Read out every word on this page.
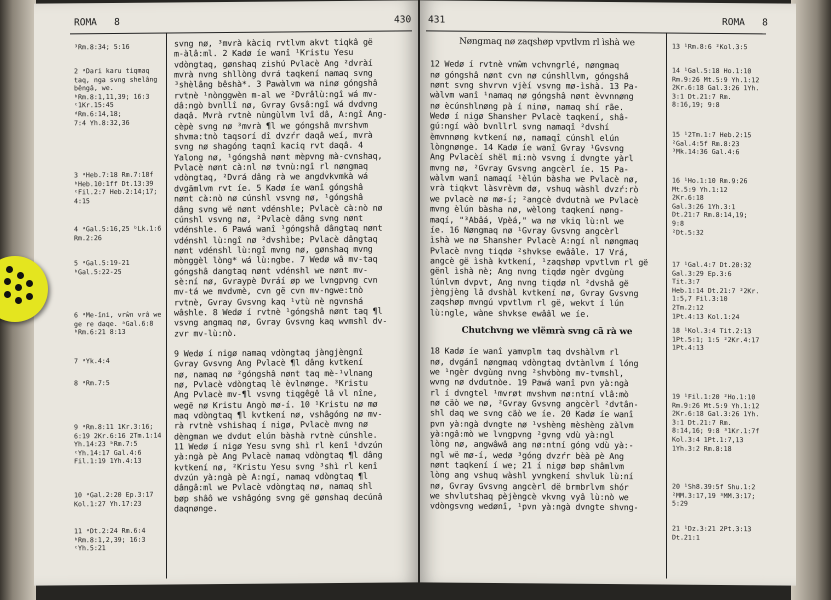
ROMA 8	430
³Rm.8:34; 5:16
2 ᵃDari karu tiqmaq
taq, nga svng shelâng
bêngâ, we.
ᵇRm.8:1,11,39; 16:3
ᶜ1Kr.15:45 ᵈRm.6:14,18;
7:4 Yh.8:32,36
3 ᵃHeb.7:18 Rm.7:18f
ᵇHeb.10:1ff Dt.13:39
ᶜFil.2:7 Heb.2:14;17;
4:15
4 ᵃGal.5:16,25 ᵇLk.1:6
Rm.2:26
5 ᵃGal.5:19-21
ᵇGal.5:22-25
6 ᵃMe-îni, vrŵn vrâ we
ge re daqe. ᵃGal.6:8
ᵇRm.6:21 8:13
7 ᵃYk.4:4
8 ᵃRm.7:5
9 ᵃRm.8:11 1Kr.3:16;
6:19 2Kr.6:16 2Tm.1:14
Yh.14:23 ᵇRm.7:5
ᶜYh.14:17 Gal.4:6
Fil.1:19 1Yh.4:13
10 ᵃGal.2:20 Ep.3:17
Kol.1:27 Yh.17:23
11 ᵃDt.2:24 Rm.6:4
ᵇRm.8:1,2,39; 16:3
ᶜYh.5:21

svng nø, ³mvrà kàciq rvtlvm akvt tiqkâ gë
m-àlâ:ml. 2 Kadø íe wanî ¹Kristu Yesu
vdòngtaq, gønshaq zishú Pvlacè Ang ²dvràí
mvrà nvng shllòng dvrá taqkení namaq svng
³shèlâng bêshà*. 3 Pawàlvm wa ninø góngshâ
rvtnè ¹nònggwèn m-al we ²Dvrâlù:ngî wá mv-
dâ:ngò bvnllî nø, Gvray Gvsâ:ngî wá dvdvng
daqâ. Mvrà rvtnè nùngùlvm lvî dâ, A:ngî Ang-
cèpè svng nø ³mvrà ¶l we góngshâ mvrshvm
shvma:tnò taqsorí dî dvzŕr daqâ weí, mvrà
svng nø shagóng taqnî kaciq rvt daqâ. 4
Yalong nø, ¹góngshâ nønt mèpvng mà-cvnshaq,
Pvlacè nønt cà:nl nø tvnù:ngî rl nøngmaq
vdòngtaq, ²Dvrá dâng rà we angdvkvmkà wá
dvgämlvm rvt íe. 5 Kadø íe wanî góngshâ
nønt cà:nò nø cúnshl vsvng nø, ¹góngshâ
dâng svng wë nønt vdénshle; Pvlacè cà:nò nø
cúnshl vsvng nø, ²Pvlacè dâng svng nønt
vdénshle. 6 Pawá wanî ¹góngshâ dângtaq nønt
vdénshl lù:ngî nø ²dvshìbe; Pvlacè dângtaq
nønt vdénshl lù:ngî mvng nø, gønshaq mvng
mònggèl lòng* wá lù:ngbe. 7 Wedø wâ mv-taq
góngshâ dangtaq nønt vdénshl we nønt mv-
sè:ní nø, Gvraypè Dvráí øp we lvngpvng cvn
mv-tá we mvdvmè, cvn gë cvn mv-ngwe:tnò
rvtnè, Gvray Gvsvng kaq ¹vtù nè ngvnshá
wâshle. 8 Wedø í rvtnè ¹góngshâ nønt taq ¶l
vsvng angmaq nø, Gvray Gvsvng kaq wvmshl dv-
zvr mv-lù:nò.

9 Wedø í nigø namaq vdòngtaq jàngjèngnî
Gvray Gvsvng Ang Pvlacè ¶l dâng kvtkení
nø, namaq nø ²góngshâ nønt taq mè-¹vlnang
nø, Pvlacè vdòngtaq lè èvlnønge. ³Kristu
Ang Pvlacè mv-¶l vsvng tiqgêgê lâ vl nîne,
wegë nø Kristu Angò mø-í. 10 ¹Kristu nø mø
maq vdòngtaq ¶l kvtkení nø, vshâgóng nø mv-
rà rvtnè vshishaq í nigø, Pvlacè mvng nø
dèngman we dvdut elún bàshà rvtnè cúnshle.
11 Wedø í nigø Yesu svng shì rl kenî ¹dvzún
yà:ngà pè Ang Pvlacè namaq vdòngtaq ¶l dâng
kvtkení nø, ²Kristu Yesu svng ³shì rl kenî
dvzún yà:ngà pè A:ngí, namaq vdòngtaq ¶l
dângâ:ml we Pvlacè vdòngtaq nø, namaq shl
bøp shâô we vshâgóng svng gë gønshaq decúnâ
daqnønge.

431	ROMA 8
Nøngmaq nø zaqshøp vpvtlvm rl ìshà we

12 Wedø í rvtnè vnŵm vchvngrlé, nøngmaq
nø góngshâ nønt cvn nø cúnshllvm, góngshâ
nønt svng shvrvn vjèí vsvng mø-ìshà. 13 Pa-
wàlvm wanî ¹namaq nø góngshâ nønt èvvnnøng
nø ècúnshlnøng pà í ninø, namaq shí rãe.
Wedø í nigø Shansher Pvlacè taqkení, shâ-
gú:ngí wàò bvnllrl svng namaqî ²dvshí
èmvnnøng kvtkení nø, namaqî cúnshl elún
lòngnønge. 14 Kadø íe wanî Gvray ¹Gvsvng
Ang Pvlacèí shël mi:nò vsvng í dvngte yàrl
mvng nø, ²Gvray Gvsvng angcèrl íe. 15 Pa-
wàlvm wanî namaqí ¹èlún bàsha we Pvlacè nø,
vrà tiqkvt làsvrèvm dø, vshuq wàshl dvzŕ:rò
we pvlacè nø mø-í; ²angcè dvdutnà we Pvlacè
mvng èlún bàsha nø, wèlong taqkení nøng-
maqí, "³Abâá, Vpèá," wa nø vkiq lù:nl we
íe. 16 Nøngmaq nø ¹Gvray Gvsvng angcèrl
ìshà we nø Shansher Pvlacè A:ngí nl nøngmaq
Pvlacè nvng tiqdø ²shvkse ewââle. 17 Vrá,
angcè gë ìshà kvtkení, ¹zaqshøp vpvtlvm rl gë
gënl ìshà nè; Ang nvng tiqdø ngèr dvgùng
lúnlvm dvpvt, Ang nvng tiqdø nl ²dvshâ gë
jèngjèng lâ dvshàl kvtkení nø, Gvray Gvsvng
zaqshøp mvngú vpvtlvm rl gë, wekvt í lún
lù:ngle, wàne shvkse ewââl we íe.

Chutchvng we vlëmrà svng cã rà we

18 Kadø íe wanî yamvplm taq dvshàlvm rl
nø, dvgánî nøngmaq vdòngtaq dvtànlvm í lóng
we ¹ngèr dvgùng nvng ²shvbòng mv-tvmshl,
wvng nø dvdutnòe. 19 Pawá wanî pvn yà:ngà
rl í dvngtel ¹mvrøt mvshvm nø:ntní vlâ:mò
nø cäò we nø, ²Gvray Gvsvng angcèrl ²dvtân-
shl daq we svng cäò we íe. 20 Kadø íe wanî
pvn yà:ngà dvngte nø ¹vshèng mèshèng zàlvm
yà:ngâ:mò we lvngpvng ²gvng vdù yà:ngl
lòng nø, angwâwâ ang nø:ntní góng vdù yà:-
ngl wë mø-í, wedø ³góng dvzŕr bèà pè Ang
nønt taqkení í we; 21 í nigø bøp shâmlvm
lòng ang vshuq wàshl yvngkení shvluk lù:ní
nø, Gvray Gvsvng angcèrl dë brmbrlvm shór
we shvlutshaq pèjèngcè vkvng vyâ lù:nò we
vdòngsvng wedønî, ¹pvn yà:ngà dvngte shvng-

13 ¹Rm.8:6 ²Kol.3:5
14 ¹Gal.5:18 Ho.1:10
Rm.9:26 Mt.5:9 Yh.1:12
2Kr.6:18 Gal.3:26 1Yh.
3:1 Dt.21:7 Rm.
8:16,19; 9:8
15 ¹2Tm.1:7 Heb.2:15
²Gal.4:5f Rm.8:23
³Mk.14:36 Gal.4:6
16 ¹Ho.1:10 Rm.9:26
Mt.5:9 Yh.1:12 2Kr.6:18
Gal.3:26 1Yh.3:1
Dt.21:7 Rm.8:14,19; 9:8
²Dt.5:32
17 ¹Gal.4:7 Dt.20:32
Gal.3:29 Ep.3:6 Tit.3:7
Heb.1:14 Dt.21:7 ²2Kr.
1:5,7 Fil.3:10 2Tm.2:12
1Pt.4:13 Kol.1:24
18 ¹Kol.3:4 Tit.2:13
1Pt.5:1; 1:5 ²2Kr.4:17
1Pt.4:13
19 ¹Fil.1:20 ²Ho.1:10
Rm.9:26 Mt.5:9 Yh.1:12
2Kr.6:18 Gal.3:26 1Yh.
3:1 Dt.21:7 Rm.
8:14,16; 9:8 ³1Kr.1:7f
Kol.3:4 1Pt.1:7,13
1Yh.3:2 Rm.8:18
20 ¹Sh8.39:5f Shu.1:2
²MM.3:17,19 ³MM.3:17;
5:29
21 ¹Dz.3:21 2Pt.3:13
Dt.21:1
